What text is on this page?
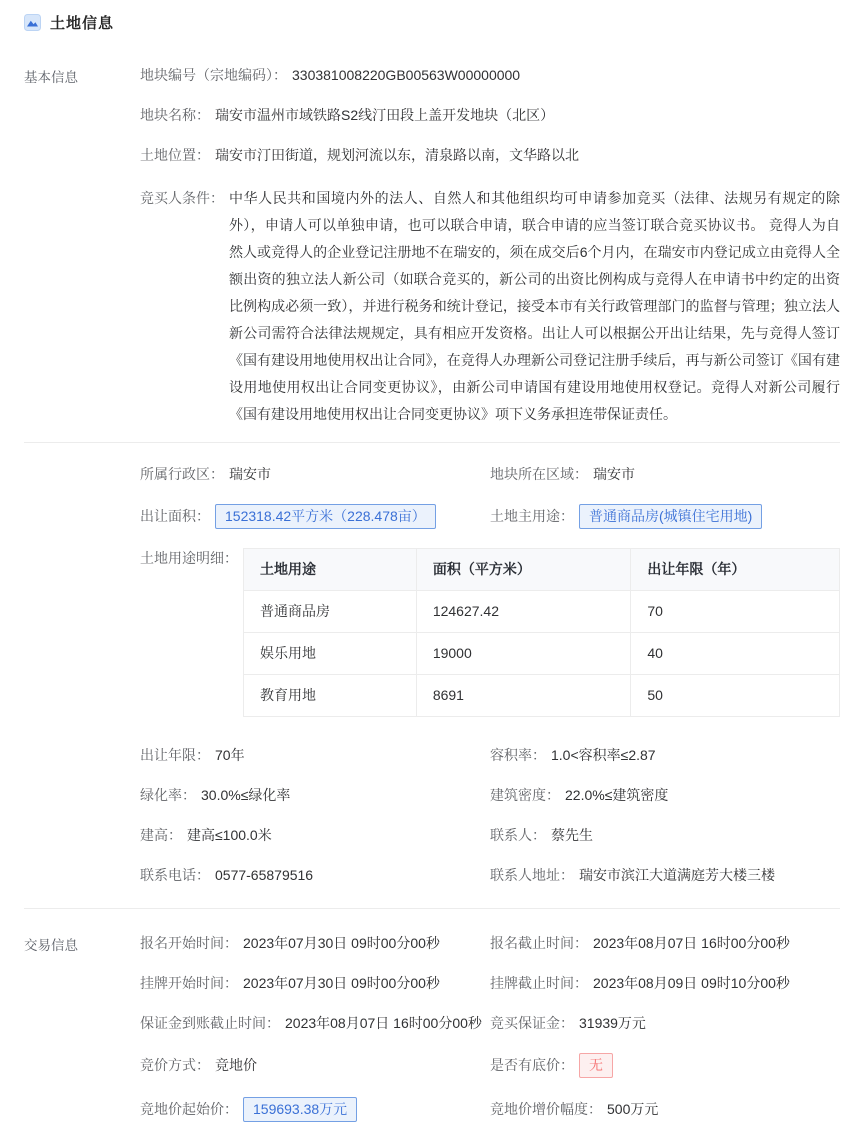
土地信息
基本信息	地块编号（宗地编码）： 330381008220GB00563W00000000
地块名称： 瑞安市温州市域铁路S2线汀田段上盖开发地块（北区）
土地位置： 瑞安市汀田街道，规划河流以东，清泉路以南，文华路以北
竞买人条件： 中华人民共和国境内外的法人、自然人和其他组织均可申请参加竞买（法律、法规另有规定的除外），申请人可以单独申请，也可以联合申请，联合申请的应当签订联合竞买协议书。 竞得人为自然人或竞得人的企业登记注册地不在瑞安的，须在成交后6个月内，在瑞安市内登记成立由竞得人全额出资的独立法人新公司（如联合竞买的，新公司的出资比例构成与竞得人在申请书中约定的出资比例构成必须一致），并进行税务和统计登记，接受本市有关行政管理部门的监督与管理；独立法人新公司需符合法律法规规定，具有相应开发资格。出让人可以根据公开出让结果，先与竞得人签订《国有建设用地使用权出让合同》，在竞得人办理新公司登记注册手续后，再与新公司签订《国有建设用地使用权出让合同变更协议》，由新公司申请国有建设用地使用权登记。竞得人对新公司履行《国有建设用地使用权出让合同变更协议》项下义务承担连带保证责任。
所属行政区： 瑞安市	地块所在区域： 瑞安市
出让面积：	152318.42平方米（228.478亩）	土地主用途：	普通商品房(城镇住宅用地)
土地用途明细：
土地用途	面积（平方米）	出让年限（年）
普通商品房	124627.42	70
娱乐用地	19000	40
教育用地	8691	50
出让年限： 70年	容积率： 1.0<容积率≤2.87
绿化率： 30.0%≤绿化率	建筑密度： 22.0%≤建筑密度
建高： 建高≤100.0米	联系人： 蔡先生
联系电话： 0577-65879516	联系人地址： 瑞安市滨江大道满庭芳大楼三楼
交易信息	报名开始时间： 2023年07月30日 09时00分00秒	报名截止时间： 2023年08月07日 16时00分00秒
挂牌开始时间： 2023年07月30日 09时00分00秒	挂牌截止时间： 2023年08月09日 09时10分00秒
保证金到账截止时间： 2023年08月07日 16时00分00秒 竞买保证金： 31939万元
竞价方式： 竞地价	是否有底价：	无
竞地价起始价：	159693.38万元	竞地价增价幅度： 500万元
